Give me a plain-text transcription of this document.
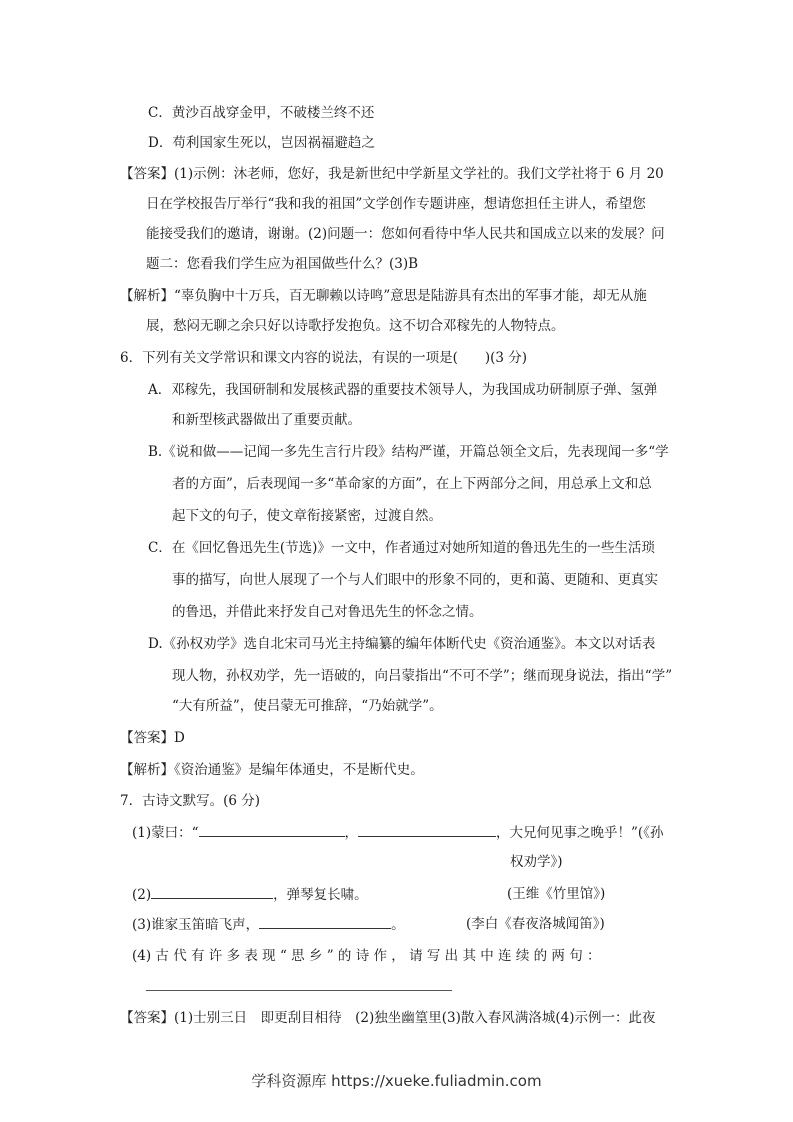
C．黄沙百战穿金甲，不破楼兰终不还
D．苟利国家生死以，岂因祸福避趋之
【答案】(1)示例：沐老师，您好，我是新世纪中学新星文学社的。我们文学社将于 6 月 20
日在学校报告厅举行“我和我的祖国”文学创作专题讲座，想请您担任主讲人，希望您
能接受我们的邀请，谢谢。(2)问题一：您如何看待中华人民共和国成立以来的发展？问
题二：您看我们学生应为祖国做些什么？(3)B
【解析】“辜负胸中十万兵，百无聊赖以诗鸣”意思是陆游具有杰出的军事才能，却无从施
展，愁闷无聊之余只好以诗歌抒发抱负。这不切合邓稼先的人物特点。
6．下列有关文学常识和课文内容的说法，有误的一项是(　　)(3 分)
A．邓稼先，我国研制和发展核武器的重要技术领导人，为我国成功研制原子弹、氢弹
和新型核武器做出了重要贡献。
B.《说和做——记闻一多先生言行片段》结构严谨，开篇总领全文后，先表现闻一多“学
者的方面”，后表现闻一多“革命家的方面”，在上下两部分之间，用总承上文和总
起下文的句子，使文章衔接紧密，过渡自然。
C．在《回忆鲁迅先生(节选)》一文中，作者通过对她所知道的鲁迅先生的一些生活琐
事的描写，向世人展现了一个与人们眼中的形象不同的，更和蔼、更随和、更真实
的鲁迅，并借此来抒发自己对鲁迅先生的怀念之情。
D.《孙权劝学》选自北宋司马光主持编纂的编年体断代史《资治通鉴》。本文以对话表
现人物，孙权劝学，先一语破的，向吕蒙指出“不可不学”；继而现身说法，指出“学”
“大有所益”，使吕蒙无可推辞，“乃始就学”。
【答案】D
【解析】《资治通鉴》是编年体通史，不是断代史。
7．古诗文默写。(6 分)
(1)蒙曰：“	，	，大兄何见事之晚乎！”(《孙
权劝学》)
(2)	，弹琴复长啸。	(王维《竹里馆》)
(3)谁家玉笛暗飞声，	。	(李白《春夜洛城闻笛》)
(4) 古 代 有 许 多 表 现 “ 思 乡 ” 的 诗 作 ， 请 写 出 其 中 连 续 的 两 句 ：
【答案】(1)士别三日　即更刮目相待　(2)独坐幽篁里(3)散入春风满洛城(4)示例一：此夜
学科资源库 https://xueke.fuliadmin.com
